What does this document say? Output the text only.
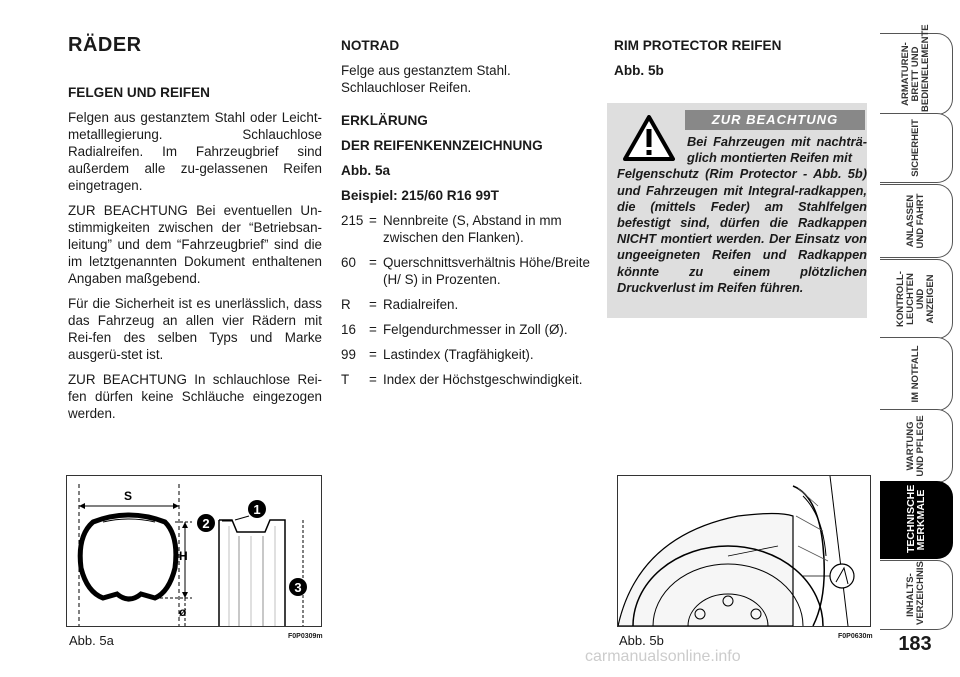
RÄDER

FELGEN UND REIFEN

Felgen aus gestanztem Stahl oder Leicht-metalllegierung. Schlauchlose Radialreifen. Im Fahrzeugbrief sind außerdem alle zu-gelassenen Reifen eingetragen.

ZUR BEACHTUNG Bei eventuellen Un-stimmigkeiten zwischen der “Betriebsan-leitung” und dem “Fahrzeugbrief” sind die im letztgenannten Dokument enthaltenen Angaben maßgebend.

Für die Sicherheit ist es unerlässlich, dass das Fahrzeug an allen vier Rädern mit Rei-fen des selben Typs und Marke ausgerü-stet ist.

ZUR BEACHTUNG In schlauchlose Rei-fen dürfen keine Schläuche eingezogen werden.

NOTRAD

Felge aus gestanztem Stahl. Schlauchloser Reifen.

ERKLÄRUNG

DER REIFENKENNZEICHNUNG

Abb. 5a

Beispiel: 215/60 R16 99T

215 = Nennbreite (S, Abstand in mm zwischen den Flanken).
60 = Querschnittsverhältnis Höhe/Breite (H/ S) in Prozenten.
R	= Radialreifen.
16 = Felgendurchmesser in Zoll (Ø).
99 = Lastindex (Tragfähigkeit).
T	= Index der Höchstgeschwindigkeit.

RIM PROTECTOR REIFEN

Abb. 5b

ZUR BEACHTUNG
Bei Fahrzeugen mit nachträ-glich montierten Reifen mit
Felgenschutz (Rim Protector - Abb. 5b) und Fahrzeugen mit Integral-radkappen, die (mittels Feder) am Stahlfelgen befestigt sind, dürfen die Radkappen NICHT montiert werden. Der Einsatz von ungeeigneten Reifen und Radkappen könnte zu einem plötzlichen Druckverlust im Reifen führen.
S
H
ø
1
2
3
Abb. 5a	F0P0309m	Abb. 5b	F0P0630m
ARMATUREN-BRETT UND BEDIENELEMENTE
SICHERHEIT
ANLASSEN UND FAHRT
KONTROLL-LEUCHTEN UND ANZEIGEN
IM NOTFALL
WARTUNG UND PFLEGE
TECHNISCHE MERKMALE
INHALTS-VERZEICHNIS
183
carmanualsonline.info
